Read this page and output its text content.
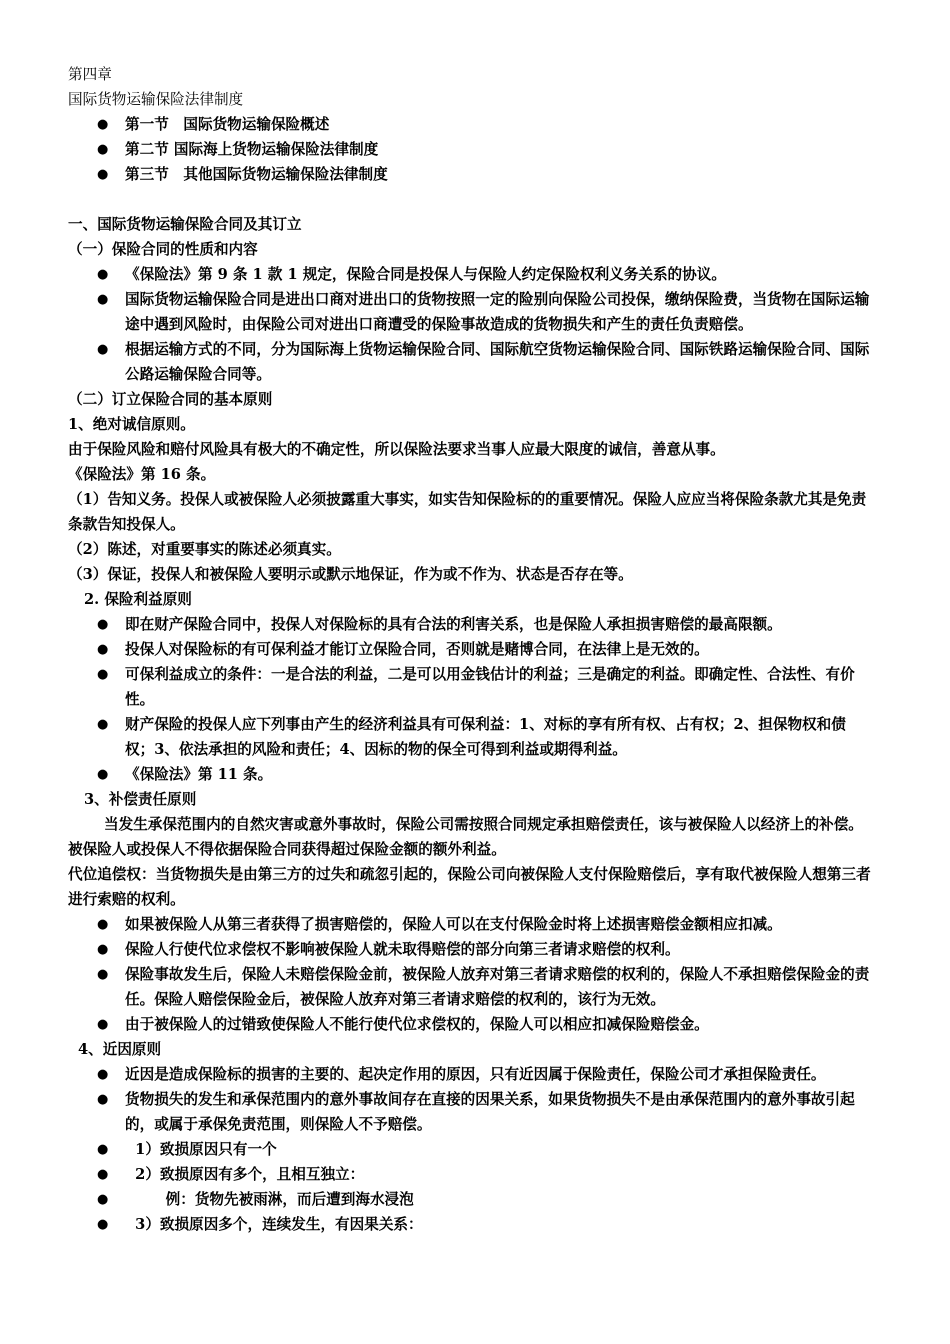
第四章
国际货物运输保险法律制度
● 第一节　国际货物运输保险概述
● 第二节 国际海上货物运输保险法律制度
● 第三节　其他国际货物运输保险法律制度
一、国际货物运输保险合同及其订立
（一）保险合同的性质和内容
● 《保险法》第 9 条 1 款 1 规定，保险合同是投保人与保险人约定保险权利义务关系的协议。
● 国际货物运输保险合同是进出口商对进出口的货物按照一定的险别向保险公司投保，缴纳保险费，当货物在国际运输途中遇到风险时，由保险公司对进出口商遭受的保险事故造成的货物损失和产生的责任负责赔偿。
● 根据运输方式的不同，分为国际海上货物运输保险合同、国际航空货物运输保险合同、国际铁路运输保险合同、国际公路运输保险合同等。
（二）订立保险合同的基本原则
1、绝对诚信原则。
由于保险风险和赔付风险具有极大的不确定性，所以保险法要求当事人应最大限度的诚信，善意从事。
《保险法》第 16 条。
（1）告知义务。投保人或被保险人必须披露重大事实，如实告知保险标的的重要情况。保险人应应当将保险条款尤其是免责条款告知投保人。
（2）陈述，对重要事实的陈述必须真实。
（3）保证，投保人和被保险人要明示或默示地保证，作为或不作为、状态是否存在等。
2. 保险利益原则
● 即在财产保险合同中，投保人对保险标的具有合法的利害关系，也是保险人承担损害赔偿的最高限额。
● 投保人对保险标的有可保利益才能订立保险合同，否则就是赌博合同，在法律上是无效的。
● 可保利益成立的条件：一是合法的利益，二是可以用金钱估计的利益；三是确定的利益。即确定性、合法性、有价性。
● 财产保险的投保人应下列事由产生的经济利益具有可保利益：1、对标的享有所有权、占有权；2、担保物权和债权；3、依法承担的风险和责任；4、因标的物的保全可得到利益或期得利益。
● 《保险法》第 11 条。
3、补偿责任原则
当发生承保范围内的自然灾害或意外事故时，保险公司需按照合同规定承担赔偿责任，该与被保险人以经济上的补偿。被保险人或投保人不得依据保险合同获得超过保险金额的额外利益。
代位追偿权：当货物损失是由第三方的过失和疏忽引起的，保险公司向被保险人支付保险赔偿后，享有取代被保险人想第三者进行索赔的权利。
● 如果被保险人从第三者获得了损害赔偿的，保险人可以在支付保险金时将上述损害赔偿金额相应扣减。
● 保险人行使代位求偿权不影响被保险人就未取得赔偿的部分向第三者请求赔偿的权利。
● 保险事故发生后，保险人未赔偿保险金前，被保险人放弃对第三者请求赔偿的权利的，保险人不承担赔偿保险金的责任。保险人赔偿保险金后，被保险人放弃对第三者请求赔偿的权利的，该行为无效。
● 由于被保险人的过错致使保险人不能行使代位求偿权的，保险人可以相应扣减保险赔偿金。
4、近因原则
● 近因是造成保险标的损害的主要的、起决定作用的原因，只有近因属于保险责任，保险公司才承担保险责任。
● 货物损失的发生和承保范围内的意外事故间存在直接的因果关系，如果货物损失不是由承保范围内的意外事故引起的，或属于承保免责范围，则保险人不予赔偿。
●   1）致损原因只有一个
●   2）致损原因有多个，且相互独立：
●         例：货物先被雨淋，而后遭到海水浸泡
●   3）致损原因多个，连续发生，有因果关系：
